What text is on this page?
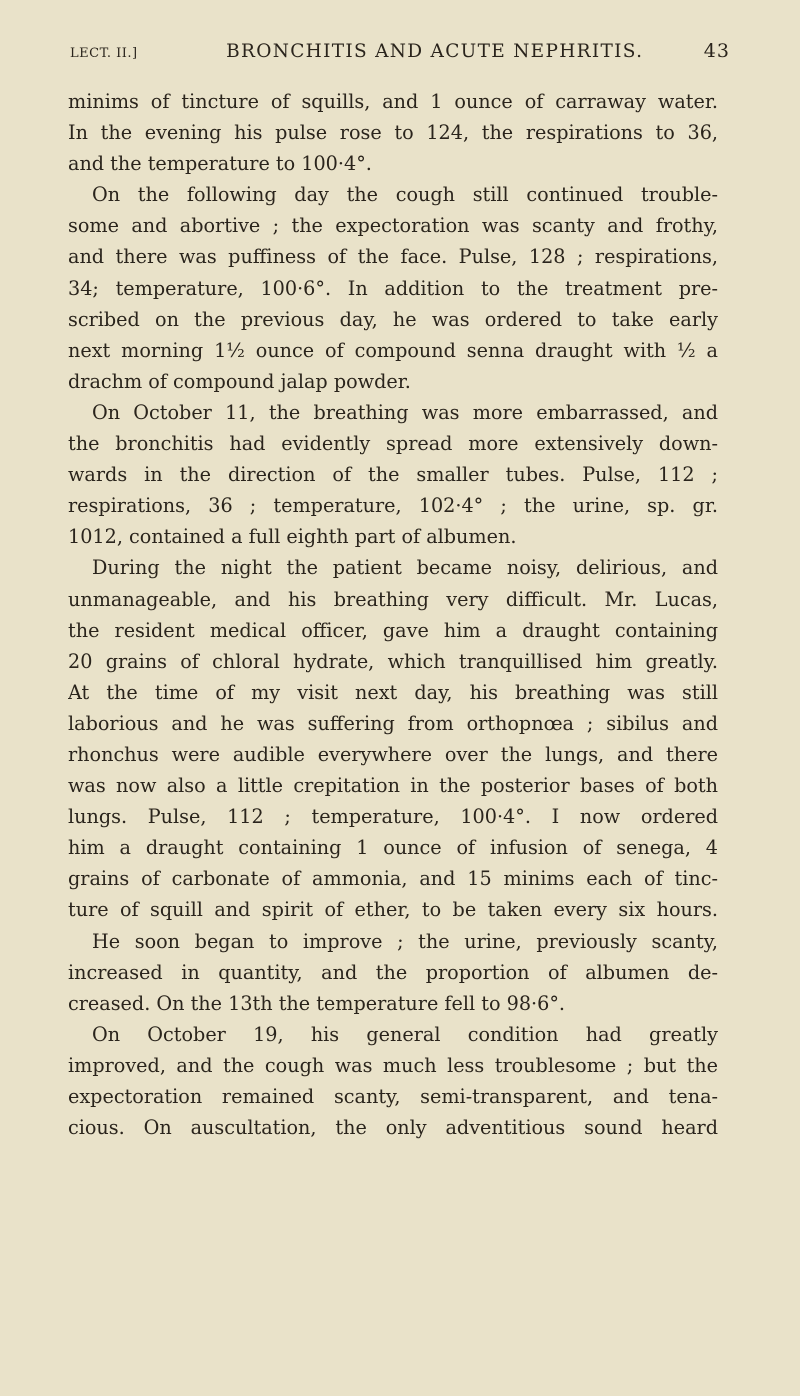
LECT. II.]	BRONCHITIS AND ACUTE NEPHRITIS.	43
minims of tincture of squills, and 1 ounce of carraway water.
In the evening his pulse rose to 124, the respirations to 36,
and the temperature to 100·4°.
On the following day the cough still continued trouble-
some and abortive ; the expectoration was scanty and frothy,
and there was puffiness of the face. Pulse, 128 ; respirations,
34; temperature, 100·6°. In addition to the treatment pre-
scribed on the previous day, he was ordered to take early
next morning 1½ ounce of compound senna draught with ½ a
drachm of compound jalap powder.
On October 11, the breathing was more embarrassed, and
the bronchitis had evidently spread more extensively down-
wards in the direction of the smaller tubes. Pulse, 112 ;
respirations, 36 ; temperature, 102·4° ; the urine, sp. gr.
1012, contained a full eighth part of albumen.
During the night the patient became noisy, delirious, and
unmanageable, and his breathing very difficult. Mr. Lucas,
the resident medical officer, gave him a draught containing
20 grains of chloral hydrate, which tranquillised him greatly.
At the time of my visit next day, his breathing was still
laborious and he was suffering from orthopnœa ; sibilus and
rhonchus were audible everywhere over the lungs, and there
was now also a little crepitation in the posterior bases of both
lungs. Pulse, 112 ; temperature, 100·4°. I now ordered
him a draught containing 1 ounce of infusion of senega, 4
grains of carbonate of ammonia, and 15 minims each of tinc-
ture of squill and spirit of ether, to be taken every six hours.
He soon began to improve ; the urine, previously scanty,
increased in quantity, and the proportion of albumen de-
creased. On the 13th the temperature fell to 98·6°.
On October 19, his general condition had greatly
improved, and the cough was much less troublesome ; but the
expectoration remained scanty, semi-transparent, and tena-
cious. On auscultation, the only adventitious sound heard
